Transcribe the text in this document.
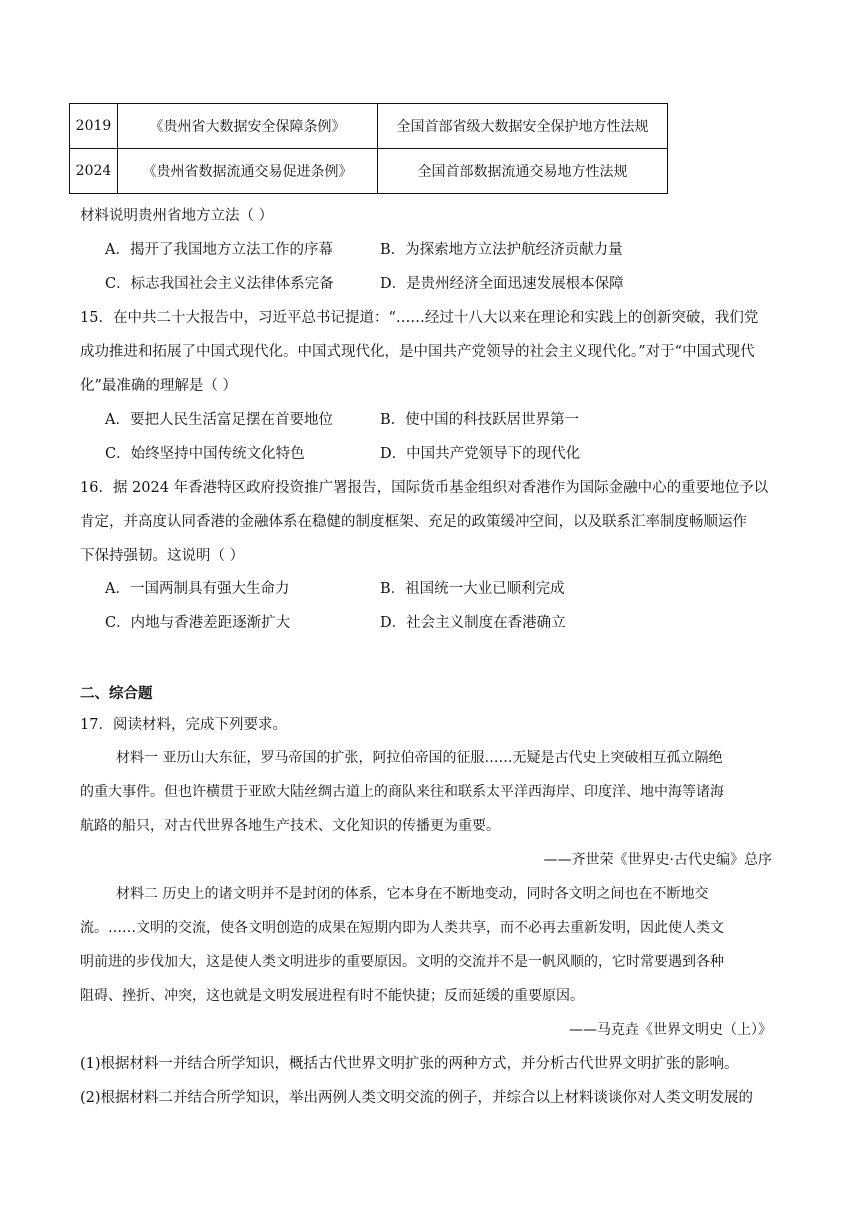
2019	《贵州省大数据安全保障条例》	全国首部省级大数据安全保护地方性法规
2024	《贵州省数据流通交易促进条例》	全国首部数据流通交易地方性法规
材料说明贵州省地方立法（ ）
A．揭开了我国地方立法工作的序幕	B．为探索地方立法护航经济贡献力量
C．标志我国社会主义法律体系完备	D．是贵州经济全面迅速发展根本保障
15．在中共二十大报告中，习近平总书记提道：“……经过十八大以来在理论和实践上的创新突破，我们党
成功推进和拓展了中国式现代化。中国式现代化，是中国共产党领导的社会主义现代化。”对于“中国式现代
化”最准确的理解是（ ）
A．要把人民生活富足摆在首要地位	B．使中国的科技跃居世界第一
C．始终坚持中国传统文化特色	D．中国共产党领导下的现代化
16．据 2024 年香港特区政府投资推广署报告，国际货币基金组织对香港作为国际金融中心的重要地位予以
肯定，并高度认同香港的金融体系在稳健的制度框架、充足的政策缓冲空间，以及联系汇率制度畅顺运作
下保持强韧。这说明（ ）
A．一国两制具有强大生命力	B．祖国统一大业已顺利完成
C．内地与香港差距逐渐扩大	D．社会主义制度在香港确立
二、综合题
17．阅读材料，完成下列要求。
材料一 亚历山大东征，罗马帝国的扩张，阿拉伯帝国的征服……无疑是古代史上突破相互孤立隔绝
的重大事件。但也许横贯于亚欧大陆丝绸古道上的商队来往和联系太平洋西海岸、印度洋、地中海等诸海
航路的船只，对古代世界各地生产技术、文化知识的传播更为重要。
——齐世荣《世界史·古代史编》总序
材料二 历史上的诸文明并不是封闭的体系，它本身在不断地变动，同时各文明之间也在不断地交
流。……文明的交流，使各文明创造的成果在短期内即为人类共享，而不必再去重新发明，因此使人类文
明前进的步伐加大，这是使人类文明进步的重要原因。文明的交流并不是一帆风顺的，它时常要遇到各种
阻碍、挫折、冲突，这也就是文明发展进程有时不能快捷；反而延缓的重要原因。
——马克垚《世界文明史（上）》
(1)根据材料一并结合所学知识，概括古代世界文明扩张的两种方式，并分析古代世界文明扩张的影响。
(2)根据材料二并结合所学知识，举出两例人类文明交流的例子，并综合以上材料谈谈你对人类文明发展的
